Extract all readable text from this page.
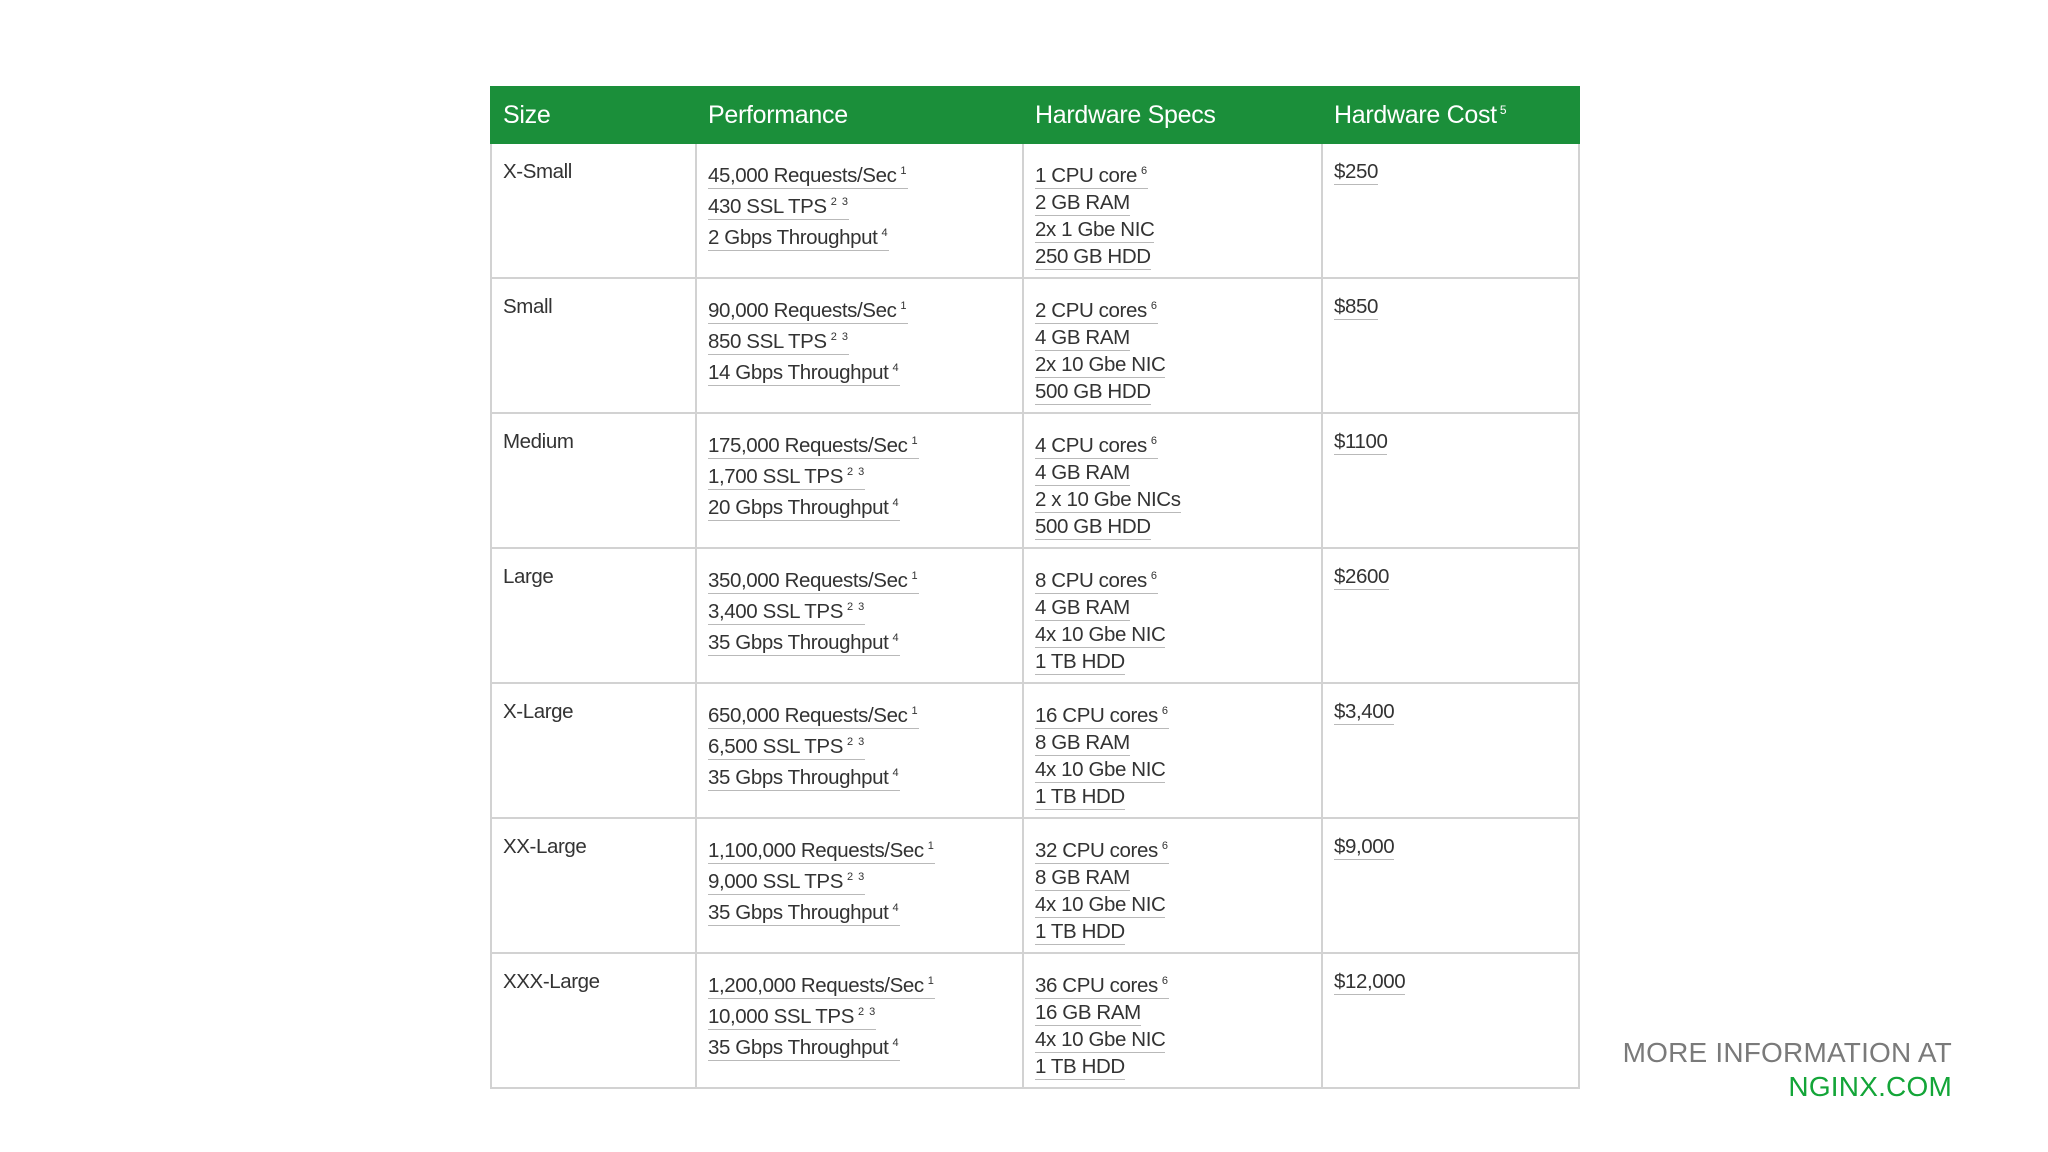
Size	Performance	Hardware Specs	Hardware Cost $^5$

X-Small	45,000 Requests/Sec $^1$
430 SSL TPS $^{2 3}$
2 Gbps Throughput $^4$	1 CPU core $^6$
2 GB RAM
2x 1 Gbe NIC
250 GB HDD	$250

Small	90,000 Requests/Sec $^1$
850 SSL TPS $^{2 3}$
14 Gbps Throughput $^4$	2 CPU cores $^6$
4 GB RAM
2x 10 Gbe NIC
500 GB HDD	$850

Medium	175,000 Requests/Sec $^1$
1,700 SSL TPS $^{2 3}$
20 Gbps Throughput $^4$	4 CPU cores $^6$
4 GB RAM
2 x 10 Gbe NICs
500 GB HDD	$1100

Large	350,000 Requests/Sec $^1$
3,400 SSL TPS $^{2 3}$
35 Gbps Throughput $^4$	8 CPU cores $^6$
4 GB RAM
4x 10 Gbe NIC
1 TB HDD	$2600

X-Large	650,000 Requests/Sec $^1$
6,500 SSL TPS $^{2 3}$
35 Gbps Throughput $^4$	16 CPU cores $^6$
8 GB RAM
4x 10 Gbe NIC
1 TB HDD	$3,400

XX-Large	1,100,000 Requests/Sec $^1$
9,000 SSL TPS $^{2 3}$
35 Gbps Throughput $^4$	32 CPU cores $^6$
8 GB RAM
4x 10 Gbe NIC
1 TB HDD	$9,000

XXX-Large	1,200,000 Requests/Sec $^1$
10,000 SSL TPS $^{2 3}$
35 Gbps Throughput $^4$	36 CPU cores $^6$
16 GB RAM
4x 10 Gbe NIC
1 TB HDD	$12,000
MORE INFORMATION AT
NGINX.COM
